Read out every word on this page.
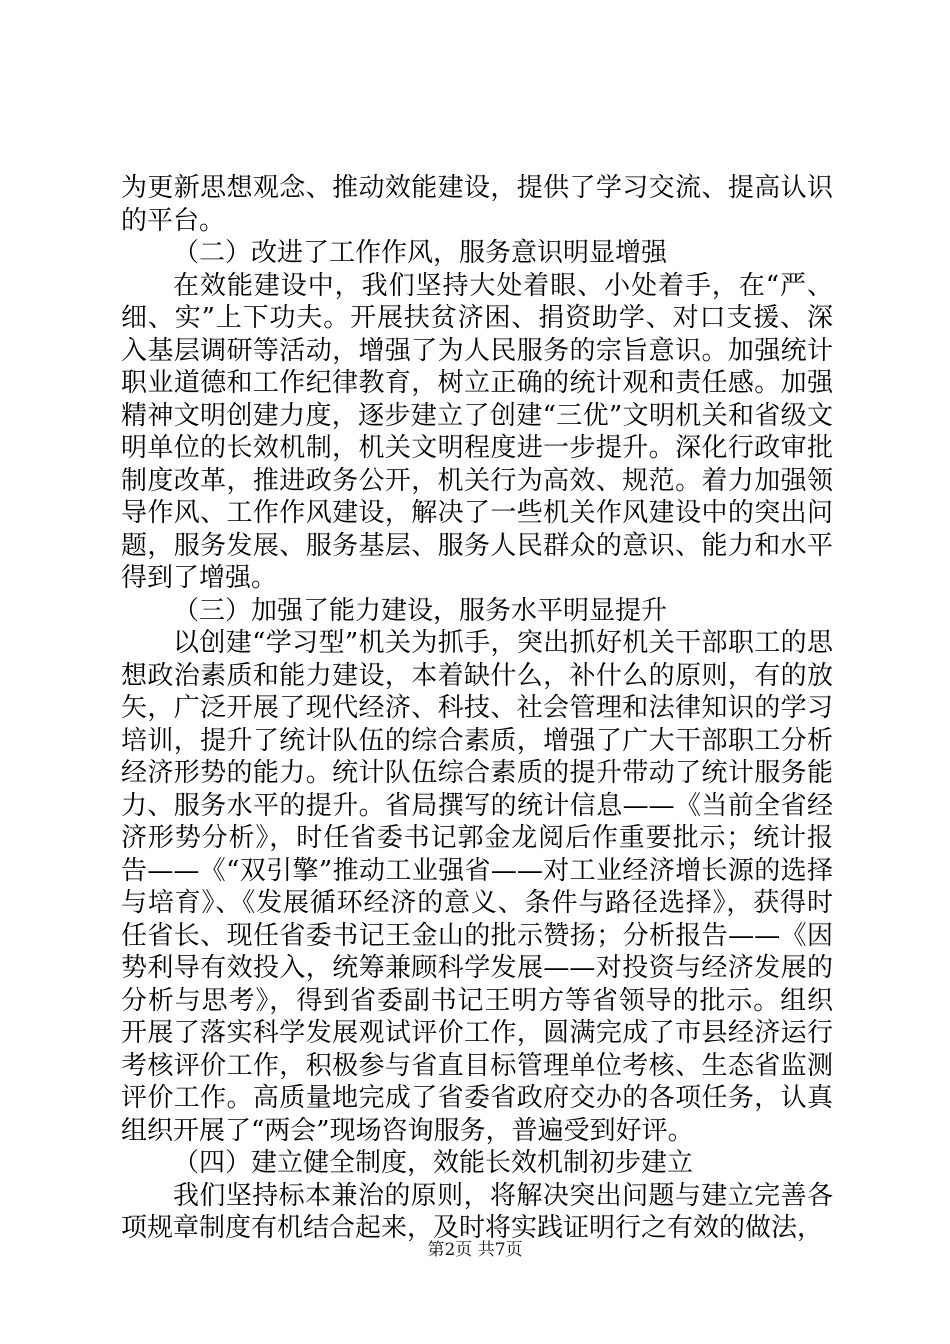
为更新思想观念、推动效能建设，提供了学习交流、提高认识的平台。

（二）改进了工作作风，服务意识明显增强

在效能建设中，我们坚持大处着眼、小处着手，在“严、细、实”上下功夫。开展扶贫济困、捐资助学、对口支援、深入基层调研等活动，增强了为人民服务的宗旨意识。加强统计职业道德和工作纪律教育，树立正确的统计观和责任感。加强精神文明创建力度，逐步建立了创建“三优”文明机关和省级文明单位的长效机制，机关文明程度进一步提升。深化行政审批制度改革，推进政务公开，机关行为高效、规范。着力加强领导作风、工作作风建设，解决了一些机关作风建设中的突出问题，服务发展、服务基层、服务人民群众的意识、能力和水平得到了增强。

（三）加强了能力建设，服务水平明显提升

以创建“学习型”机关为抓手，突出抓好机关干部职工的思想政治素质和能力建设，本着缺什么，补什么的原则，有的放矢，广泛开展了现代经济、科技、社会管理和法律知识的学习培训，提升了统计队伍的综合素质，增强了广大干部职工分析经济形势的能力。统计队伍综合素质的提升带动了统计服务能力、服务水平的提升。省局撰写的统计信息——《当前全省经济形势分析》，时任省委书记郭金龙阅后作重要批示；统计报告——《“双引擎”推动工业强省——对工业经济增长源的选择与培育》、《发展循环经济的意义、条件与路径选择》，获得时任省长、现任省委书记王金山的批示赞扬；分析报告——《因势利导有效投入，统筹兼顾科学发展——对投资与经济发展的分析与思考》，得到省委副书记王明方等省领导的批示。组织开展了落实科学发展观试评价工作，圆满完成了市县经济运行考核评价工作，积极参与省直目标管理单位考核、生态省监测评价工作。高质量地完成了省委省政府交办的各项任务，认真组织开展了“两会”现场咨询服务，普遍受到好评。

（四）建立健全制度，效能长效机制初步建立

我们坚持标本兼治的原则，将解决突出问题与建立完善各项规章制度有机结合起来，及时将实践证明行之有效的做法，

第2页 共7页
